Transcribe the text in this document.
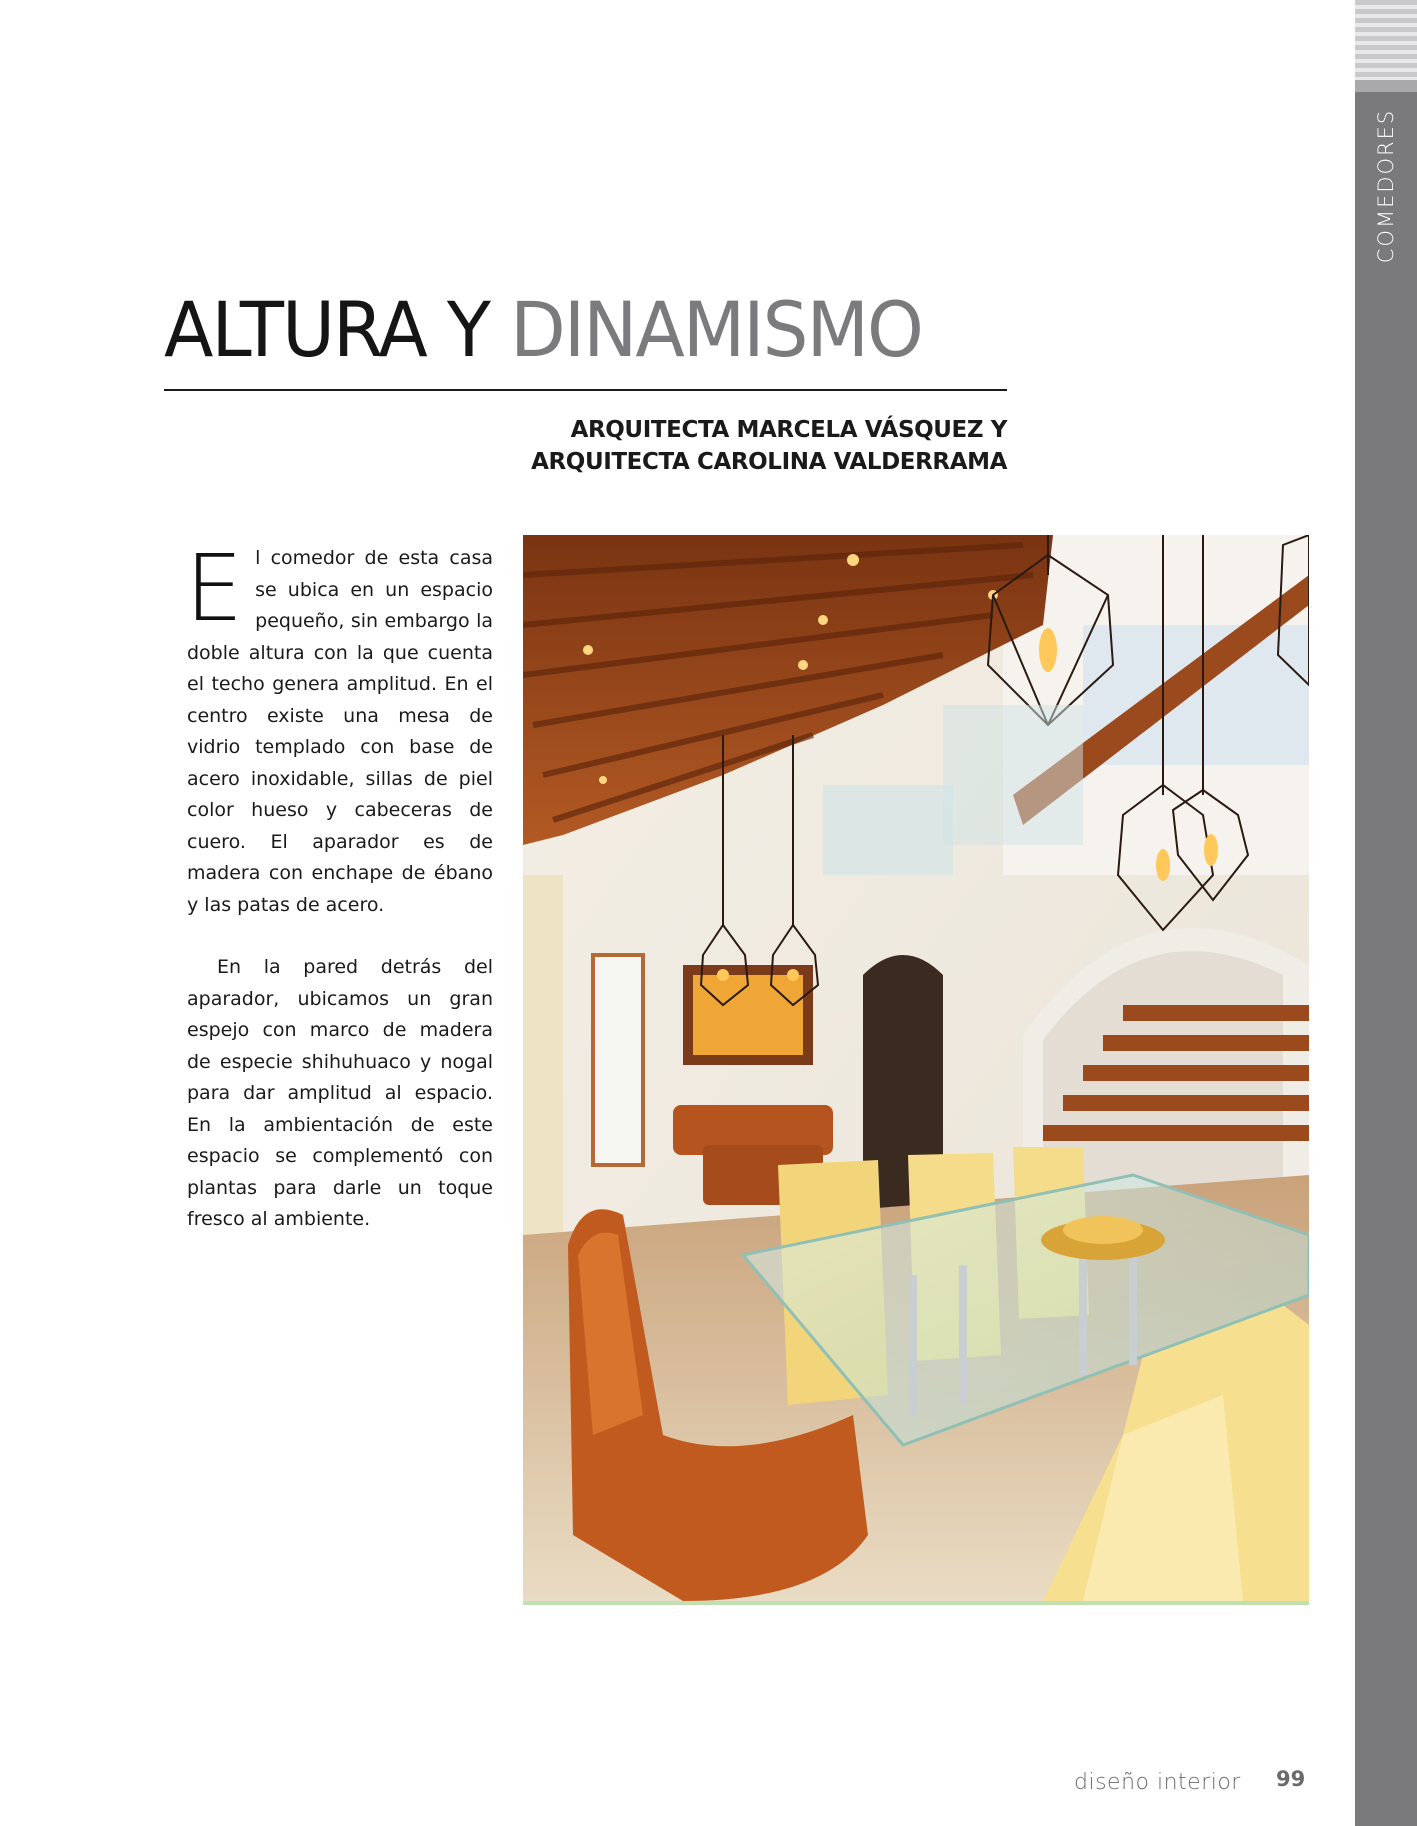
COMEDORES
ALTURA Y DINAMISMO
ARQUITECTA MARCELA VÁSQUEZ Y
ARQUITECTA CAROLINA VALDERRAMA

El comedor de esta casa se ubica en un espacio pequeño, sin embargo la doble altura con la que cuenta el techo genera amplitud. En el centro existe una mesa de vidrio templado con base de acero inoxidable, sillas de piel color hueso y cabeceras de cuero. El aparador es de madera con enchape de ébano y las patas de acero.

En la pared detrás del aparador, ubicamos un gran espejo con marco de madera de especie shihuhuaco y nogal para dar amplitud al espacio. En la ambientación de este espacio se complementó con plantas para darle un toque fresco al ambiente.

diseño interior 99
